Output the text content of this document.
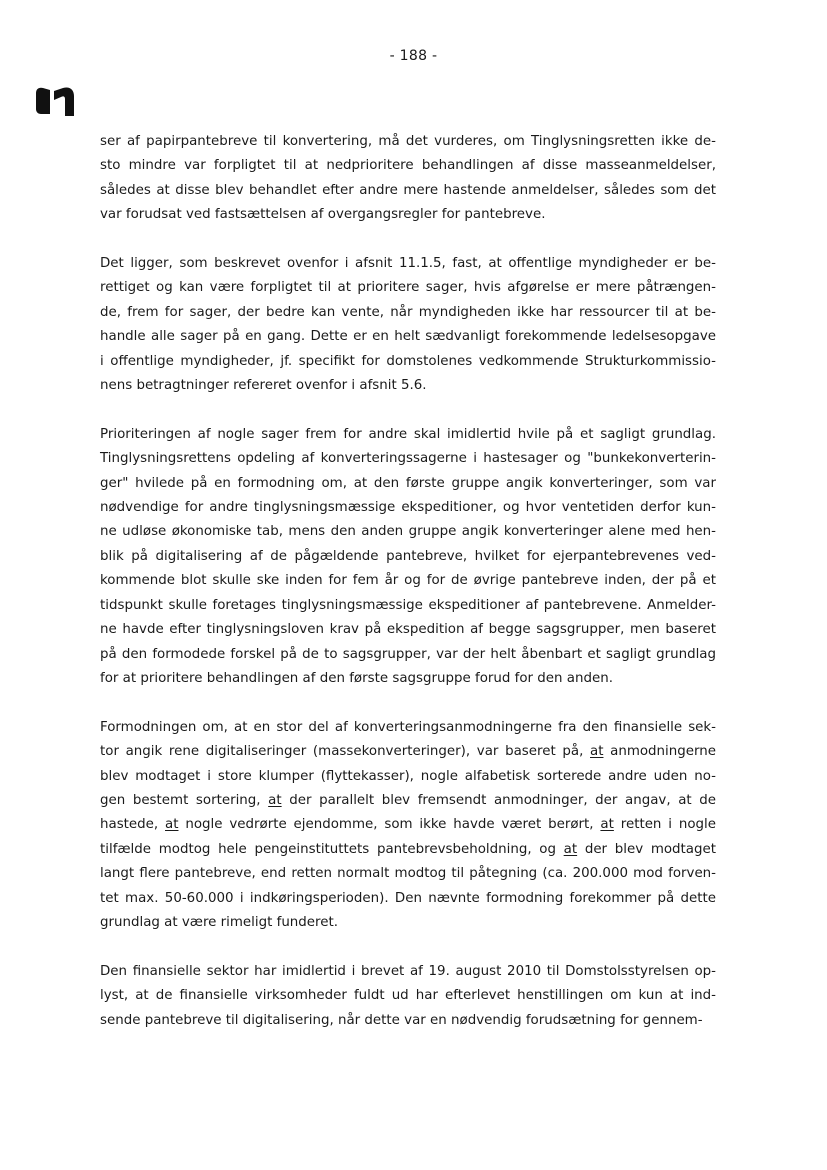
- 188 -

ser af papirpantebreve til konvertering, må det vurderes, om Tinglysningsretten ikke de-
sto mindre var forpligtet til at nedprioritere behandlingen af disse masseanmeldelser,
således at disse blev behandlet efter andre mere hastende anmeldelser, således som det
var forudsat ved fastsættelsen af overgangsregler for pantebreve.

Det ligger, som beskrevet ovenfor i afsnit 11.1.5, fast, at offentlige myndigheder er be-
rettiget og kan være forpligtet til at prioritere sager, hvis afgørelse er mere påtrængen-
de, frem for sager, der bedre kan vente, når myndigheden ikke har ressourcer til at be-
handle alle sager på en gang. Dette er en helt sædvanligt forekommende ledelsesopgave
i offentlige myndigheder, jf. specifikt for domstolenes vedkommende Strukturkommissio-
nens betragtninger refereret ovenfor i afsnit 5.6.

Prioriteringen af nogle sager frem for andre skal imidlertid hvile på et sagligt grundlag.
Tinglysningsrettens opdeling af konverteringssagerne i hastesager og "bunkekonverterin-
ger" hvilede på en formodning om, at den første gruppe angik konverteringer, som var
nødvendige for andre tinglysningsmæssige ekspeditioner, og hvor ventetiden derfor kun-
ne udløse økonomiske tab, mens den anden gruppe angik konverteringer alene med hen-
blik på digitalisering af de pågældende pantebreve, hvilket for ejerpantebrevenes ved-
kommende blot skulle ske inden for fem år og for de øvrige pantebreve inden, der på et
tidspunkt skulle foretages tinglysningsmæssige ekspeditioner af pantebrevene. Anmelder-
ne havde efter tinglysningsloven krav på ekspedition af begge sagsgrupper, men baseret
på den formodede forskel på de to sagsgrupper, var der helt åbenbart et sagligt grundlag
for at prioritere behandlingen af den første sagsgruppe forud for den anden.

Formodningen om, at en stor del af konverteringsanmodningerne fra den finansielle sek-
tor angik rene digitaliseringer (massekonverteringer), var baseret på, at anmodningerne
blev modtaget i store klumper (flyttekasser), nogle alfabetisk sorterede andre uden no-
gen bestemt sortering, at der parallelt blev fremsendt anmodninger, der angav, at de
hastede, at nogle vedrørte ejendomme, som ikke havde været berørt, at retten i nogle
tilfælde modtog hele pengeinstituttets pantebrevsbeholdning, og at der blev modtaget
langt flere pantebreve, end retten normalt modtog til påtegning (ca. 200.000 mod forven-
tet max. 50-60.000 i indkøringsperioden). Den nævnte formodning forekommer på dette
grundlag at være rimeligt funderet.

Den finansielle sektor har imidlertid i brevet af 19. august 2010 til Domstolsstyrelsen op-
lyst, at de finansielle virksomheder fuldt ud har efterlevet henstillingen om kun at ind-
sende pantebreve til digitalisering, når dette var en nødvendig forudsætning for gennem-
